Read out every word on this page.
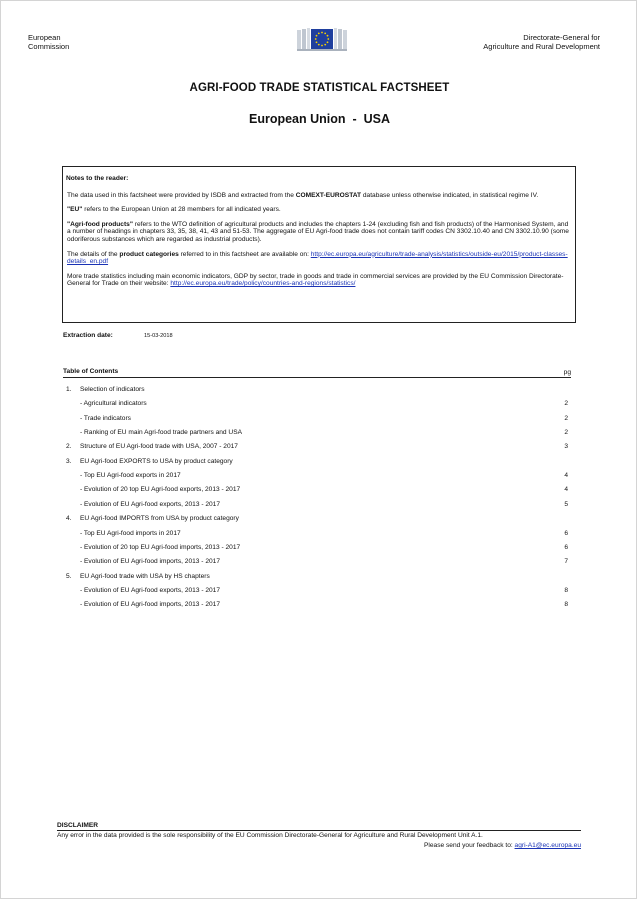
European
Commission
Directorate-General for
Agriculture and Rural Development
AGRI-FOOD TRADE STATISTICAL FACTSHEET
European Union  -  USA
Notes to the reader:

The data used in this factsheet were provided by ISDB and extracted from the COMEXT-EUROSTAT database unless otherwise indicated, in statistical regime IV.

"EU" refers to the European Union at 28 members for all indicated years.

"Agri-food products" refers to the WTO definition of agricultural products and includes the chapters 1-24 (excluding fish and fish products) of the Harmonised System, and a number of headings in chapters 33, 35, 38, 41, 43 and 51-53. The aggregate of EU Agri-food trade does not contain tariff codes CN 3302.10.40 and CN 3302.10.90 (some odoriferous substances which are regarded as industrial products).

The details of the product categories referred to in this factsheet are available on: http://ec.europa.eu/agriculture/trade-analysis/statistics/outside-eu/2015/product-classes-details_en.pdf

More trade statistics including main economic indicators, GDP by sector, trade in goods and trade in commercial services are provided by the EU Commission Directorate-General for Trade on their website: http://ec.europa.eu/trade/policy/countries-and-regions/statistics/

Extraction date:	15-03-2018
Table of Contents	pg
1. Selection of indicators
- Agricultural indicators	2
- Trade indicators	2
- Ranking of EU main Agri-food trade partners and USA	2
2. Structure of EU Agri-food trade with USA, 2007 - 2017	3
3. EU Agri-food EXPORTS to USA by product category
- Top EU Agri-food exports in 2017	4
- Evolution of 20 top EU Agri-food exports, 2013 - 2017	4
- Evolution of EU Agri-food exports, 2013 - 2017	5
4. EU Agri-food IMPORTS from USA by product category
- Top EU Agri-food imports in 2017	6
- Evolution of 20 top EU Agri-food imports, 2013 - 2017	6
- Evolution of EU Agri-food imports, 2013 - 2017	7
5. EU Agri-food trade with USA by HS chapters
- Evolution of EU Agri-food exports, 2013 - 2017	8
- Evolution of EU Agri-food imports, 2013 - 2017	8
DISCLAIMER
Any error in the data provided is the sole responsibility of the EU Commission Directorate-General for Agriculture and Rural Development Unit A.1.
Please send your feedback to: agri-A1@ec.europa.eu
